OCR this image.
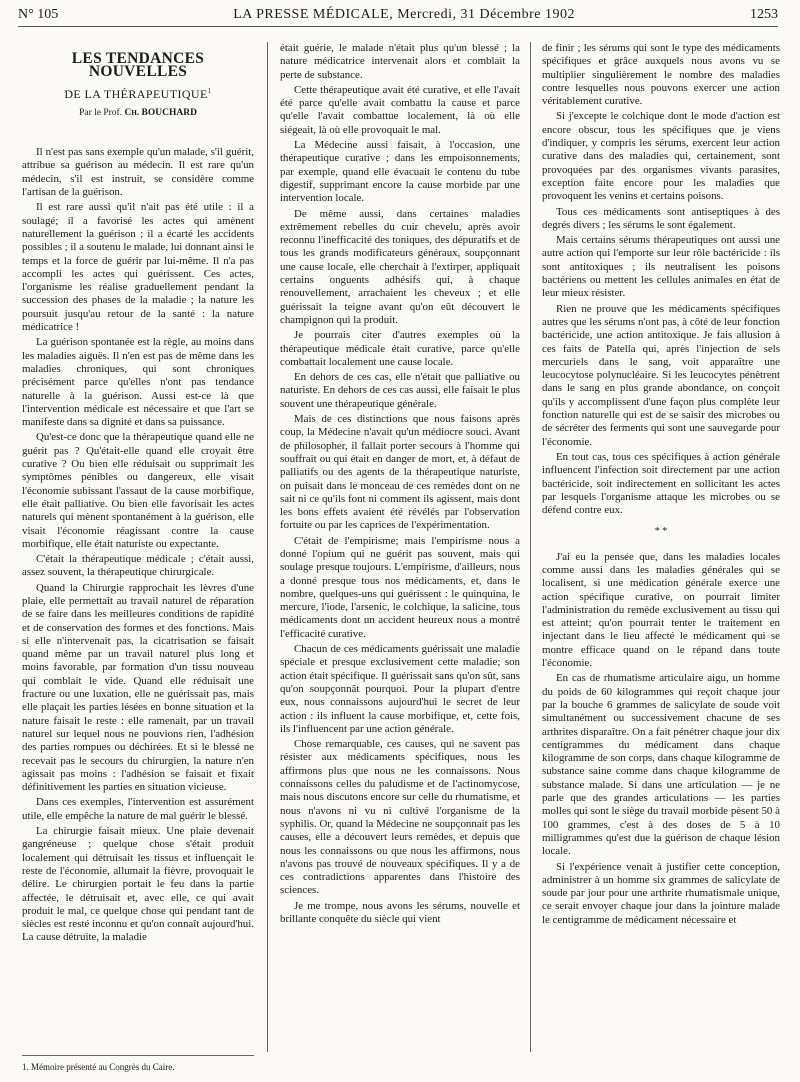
N° 105	LA PRESSE MÉDICALE, Mercredi, 31 Décembre 1902	1253
LES TENDANCES NOUVELLES
DE LA THÉRAPEUTIQUE$^1$
Par le Prof. Ch. BOUCHARD

Il n'est pas sans exemple qu'un malade, s'il guérit, attribue sa guérison au médecin. Il est rare qu'un médecin, s'il est instruit, se considère comme l'artisan de la guérison.

Il est rare aussi qu'il n'ait pas été utile : il a soulagé; il a favorisé les actes qui amènent naturellement la guérison ; il a écarté les accidents possibles ; il a soutenu le malade, lui donnant ainsi le temps et la force de guérir par lui-même. Il n'a pas accompli les actes qui guérissent. Ces actes, l'organisme les réalise graduellement pendant la succession des phases de la maladie ; la nature les poursuit jusqu'au retour de la santé : la nature médicatrice !

La guérison spontanée est la règle, au moins dans les maladies aiguës. Il n'en est pas de même dans les maladies chroniques, qui sont chroniques précisément parce qu'elles n'ont pas tendance naturelle à la guérison. Aussi est-ce là que l'intervention médicale est nécessaire et que l'art se manifeste dans sa dignité et dans sa puissance.

Qu'est-ce donc que la thérapeutique quand elle ne guérit pas ? Qu'était-elle quand elle croyait être curative ? Ou bien elle réduisait ou supprimait les symptômes pénibles ou dangereux, elle visait l'économie subissant l'assaut de la cause morbifique, elle était palliative. Ou bien elle favorisait les actes naturels qui mènent spontanément à la guérison, elle visait l'économie réagissant contre la cause morbifique, elle était naturiste ou expectante.

C'était la thérapeutique médicale ; c'était aussi, assez souvent, la thérapeutique chirurgicale.

Quand la Chirurgie rapprochait les lèvres d'une plaie, elle permettait au travail naturel de réparation de se faire dans les meilleures conditions de rapidité et de conservation des formes et des fonctions. Mais si elle n'intervenait pas, la cicatrisation se faisait quand même par un travail naturel plus long et moins favorable, par formation d'un tissu nouveau qui comblait le vide. Quand elle réduisait une fracture ou une luxation, elle ne guérissait pas, mais elle plaçait les parties lésées en bonne situation et la nature faisait le reste : elle ramenait, par un travail naturel sur lequel nous ne pouvions rien, l'adhésion des parties rompues ou déchirées. Et si le blessé ne recevait pas le secours du chirurgien, la nature n'en agissait pas moins : l'adhésion se faisait et fixait définitivement les parties en situation vicieuse.

Dans ces exemples, l'intervention est assurément utile, elle empêche la nature de mal guérir le blessé.

La chirurgie faisait mieux. Une plaie devenait gangréneuse ; quelque chose s'était produit localement qui détruisait les tissus et influençait le reste de l'économie, allumait la fièvre, provoquait le délire. Le chirurgien portait le feu dans la partie affectée, le détruisait et, avec elle, ce qui avait produit le mal, ce quelque chose qui pendant tant de siècles est resté inconnu et qu'on connaît aujourd'hui. La cause détruite, la maladie

était guérie, le malade n'était plus qu'un blessé ; la nature médicatrice intervenait alors et comblait la perte de substance.

Cette thérapeutique avait été curative, et elle l'avait été parce qu'elle avait combattu la cause et parce qu'elle l'avait combattue localement, là où elle siégeait, là où elle provoquait le mal.

La Médecine aussi faisait, à l'occasion, une thérapeutique curative ; dans les empoisonnements, par exemple, quand elle évacuait le contenu du tube digestif, supprimant encore la cause morbide par une intervention locale.

De même aussi, dans certaines maladies extrêmement rebelles du cuir chevelu, après avoir reconnu l'inefficacité des toniques, des dépuratifs et de tous les grands modificateurs généraux, soupçonnant une cause locale, elle cherchait à l'extirper, appliquait certains onguents adhésifs qui, à chaque renouvellement, arrachaient les cheveux ; et elle guérissait la teigne avant qu'on eût découvert le champignon qui la produit.

Je pourrais citer d'autres exemples où la thérapeutique médicale était curative, parce qu'elle combattait localement une cause locale.

En dehors de ces cas, elle n'était que palliative ou naturiste. En dehors de ces cas aussi, elle faisait le plus souvent une thérapeutique générale.

Mais de ces distinctions que nous faisons après coup, la Médecine n'avait qu'un médiocre souci. Avant de philosopher, il fallait porter secours à l'homme qui souffrait ou qui était en danger de mort, et, à défaut de palliatifs ou des agents de la thérapeutique naturiste, on puisait dans le monceau de ces remèdes dont on ne sait ni ce qu'ils font ni comment ils agissent, mais dont les bons effets avaient été révélés par l'observation fortuite ou par les caprices de l'expérimentation.

C'était de l'empirisme; mais l'empirisme nous a donné l'opium qui ne guérit pas souvent, mais qui soulage presque toujours. L'empirisme, d'ailleurs, nous a donné presque tous nos médicaments, et, dans le nombre, quelques-uns qui guérissent : le quinquina, le mercure, l'iode, l'arsenic, le colchique, la salicine, tous médicaments dont un accident heureux nous a montré l'efficacité curative.

Chacun de ces médicaments guérissait une maladie spéciale et presque exclusivement cette maladie; son action était spécifique. Il guérissait sans qu'on sût, sans qu'on soupçonnât pourquoi. Pour la plupart d'entre eux, nous connaissons aujourd'hui le secret de leur action : ils influent la cause morbifique, et, cette fois, ils l'influencent par une action générale.

Chose remarquable, ces causes, qui ne savent pas résister aux médicaments spécifiques, nous les affirmons plus que nous ne les connaissons. Nous connaissons celles du paludisme et de l'actinomycose, mais nous discutons encore sur celle du rhumatisme, et nous n'avons ni vu ni cultivé l'organisme de la syphilis. Or, quand la Médecine ne soupçonnait pas les causes, elle a découvert leurs remèdes, et depuis que nous les connaissons ou que nous les affirmons, nous n'avons pas trouvé de nouveaux spécifiques. Il y a de ces contradictions apparentes dans l'histoire des sciences.

Je me trompe, nous avons les sérums, nouvelle et brillante conquête du siècle qui vient

de finir ; les sérums qui sont le type des médicaments spécifiques et grâce auxquels nous avons vu se multiplier singulièrement le nombre des maladies contre lesquelles nous pouvons exercer une action véritablement curative.

Si j'excepte le colchique dont le mode d'action est encore obscur, tous les spécifiques que je viens d'indiquer, y compris les sérums, exercent leur action curative dans des maladies qui, certainement, sont provoquées par des organismes vivants parasites, exception faite encore pour les maladies que provoquent les venins et certains poisons.

Tous ces médicaments sont antiseptiques à des degrés divers ; les sérums le sont également.

Mais certains sérums thérapeutiques ont aussi une autre action qui l'emporte sur leur rôle bactéricide : ils sont antitoxiques ; ils neutralisent les poisons bactériens ou mettent les cellules animales en état de leur mieux résister.

Rien ne prouve que les médicaments spécifiques autres que les sérums n'ont pas, à côté de leur fonction bactéricide, une action antitoxique. Je fais allusion à ces faits de Patella qui, après l'injection de sels mercuriels dans le sang, voit apparaître une leucocytose polynucléaire. Si les leucocytes pénètrent dans le sang en plus grande abondance, on conçoit qu'ils y accomplissent d'une façon plus complète leur fonction naturelle qui est de se saisir des microbes ou de sécréter des ferments qui sont une sauvegarde pour l'économie.

En tout cas, tous ces spécifiques à action générale influencent l'infection soit directement par une action bactéricide, soit indirectement en sollicitant les actes par lesquels l'organisme attaque les microbes ou se défend contre eux.

* *

J'ai eu la pensée que, dans les maladies locales comme aussi dans les maladies générales qui se localisent, si une médication générale exerce une action spécifique curative, on pourrait limiter l'administration du remède exclusivement au tissu qui est atteint; qu'on pourrait tenter le traitement en injectant dans le lieu affecté le médicament qui se montre efficace quand on le répand dans toute l'économie.

En cas de rhumatisme articulaire aigu, un homme du poids de 60 kilogrammes qui reçoit chaque jour par la bouche 6 grammes de salicylate de soude voit simultanément ou successivement chacune de ses arthrites disparaître. On a fait pénétrer chaque jour dix centigrammes du médicament dans chaque kilogramme de son corps, dans chaque kilogramme de substance saine comme dans chaque kilogramme de substance malade. Si dans une articulation — je ne parle que des grandes articulations — les parties molles qui sont le siège du travail morbide pèsent 50 à 100 grammes, c'est à des doses de 5 à 10 milligrammes qu'est due la guérison de chaque lésion locale.

Si l'expérience venait à justifier cette conception, administrer à un homme six grammes de salicylate de soude par jour pour une arthrite rhumatismale unique, ce serait envoyer chaque jour dans la jointure malade le centigramme de médicament nécessaire et

1. Mémoire présenté au Congrès du Caire.
